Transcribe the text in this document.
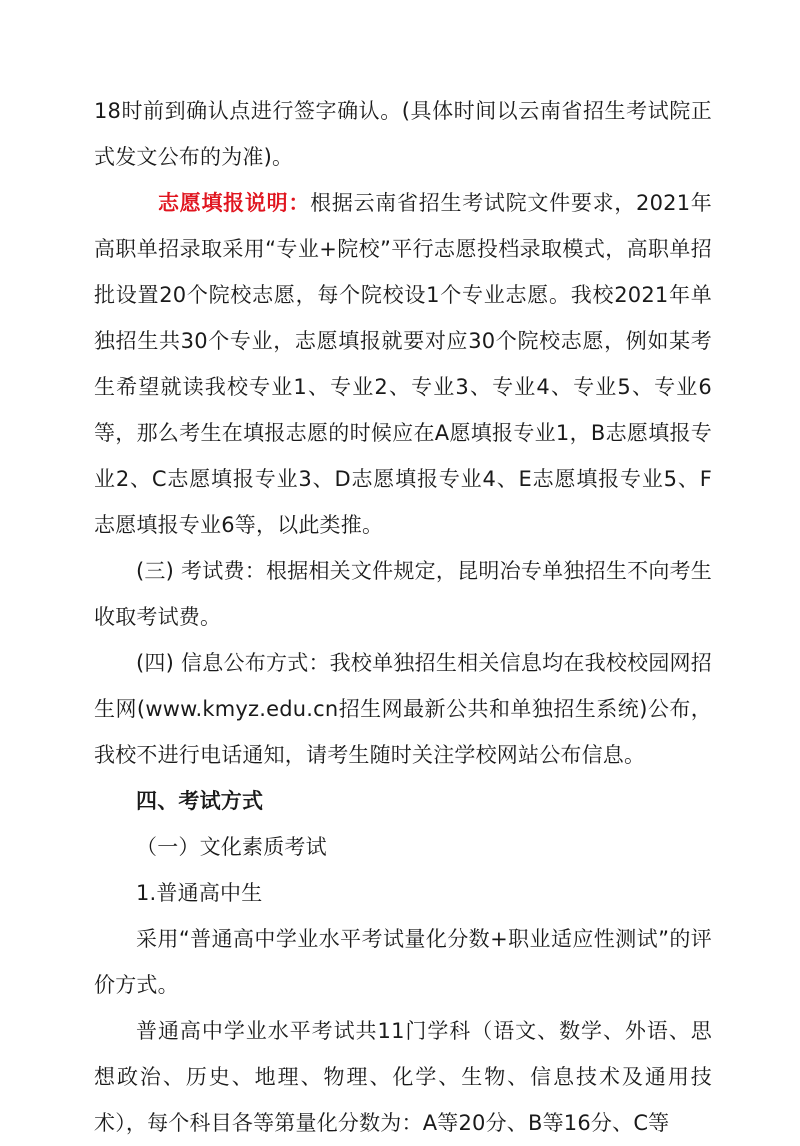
18时前到确认点进行签字确认。(具体时间以云南省招生考试院正式发文公布的为准)。

志愿填报说明：根据云南省招生考试院文件要求，2021年高职单招录取采用“专业+院校”平行志愿投档录取模式，高职单招批设置20个院校志愿，每个院校设1个专业志愿。我校2021年单独招生共30个专业，志愿填报就要对应30个院校志愿，例如某考生希望就读我校专业1、专业2、专业3、专业4、专业5、专业6等，那么考生在填报志愿的时候应在A愿填报专业1，B志愿填报专业2、C志愿填报专业3、D志愿填报专业4、E志愿填报专业5、F志愿填报专业6等，以此类推。

(三) 考试费：根据相关文件规定，昆明冶专单独招生不向考生收取考试费。

(四) 信息公布方式：我校单独招生相关信息均在我校校园网招生网(www.kmyz.edu.cn招生网最新公共和单独招生系统)公布，我校不进行电话通知，请考生随时关注学校网站公布信息。

四、考试方式

（一）文化素质考试

1.普通高中生

采用“普通高中学业水平考试量化分数+职业适应性测试”的评价方式。

普通高中学业水平考试共11门学科（语文、数学、外语、思想政治、历史、地理、物理、化学、生物、信息技术及通用技术），每个科目各等第量化分数为：A等20分、B等16分、C等
